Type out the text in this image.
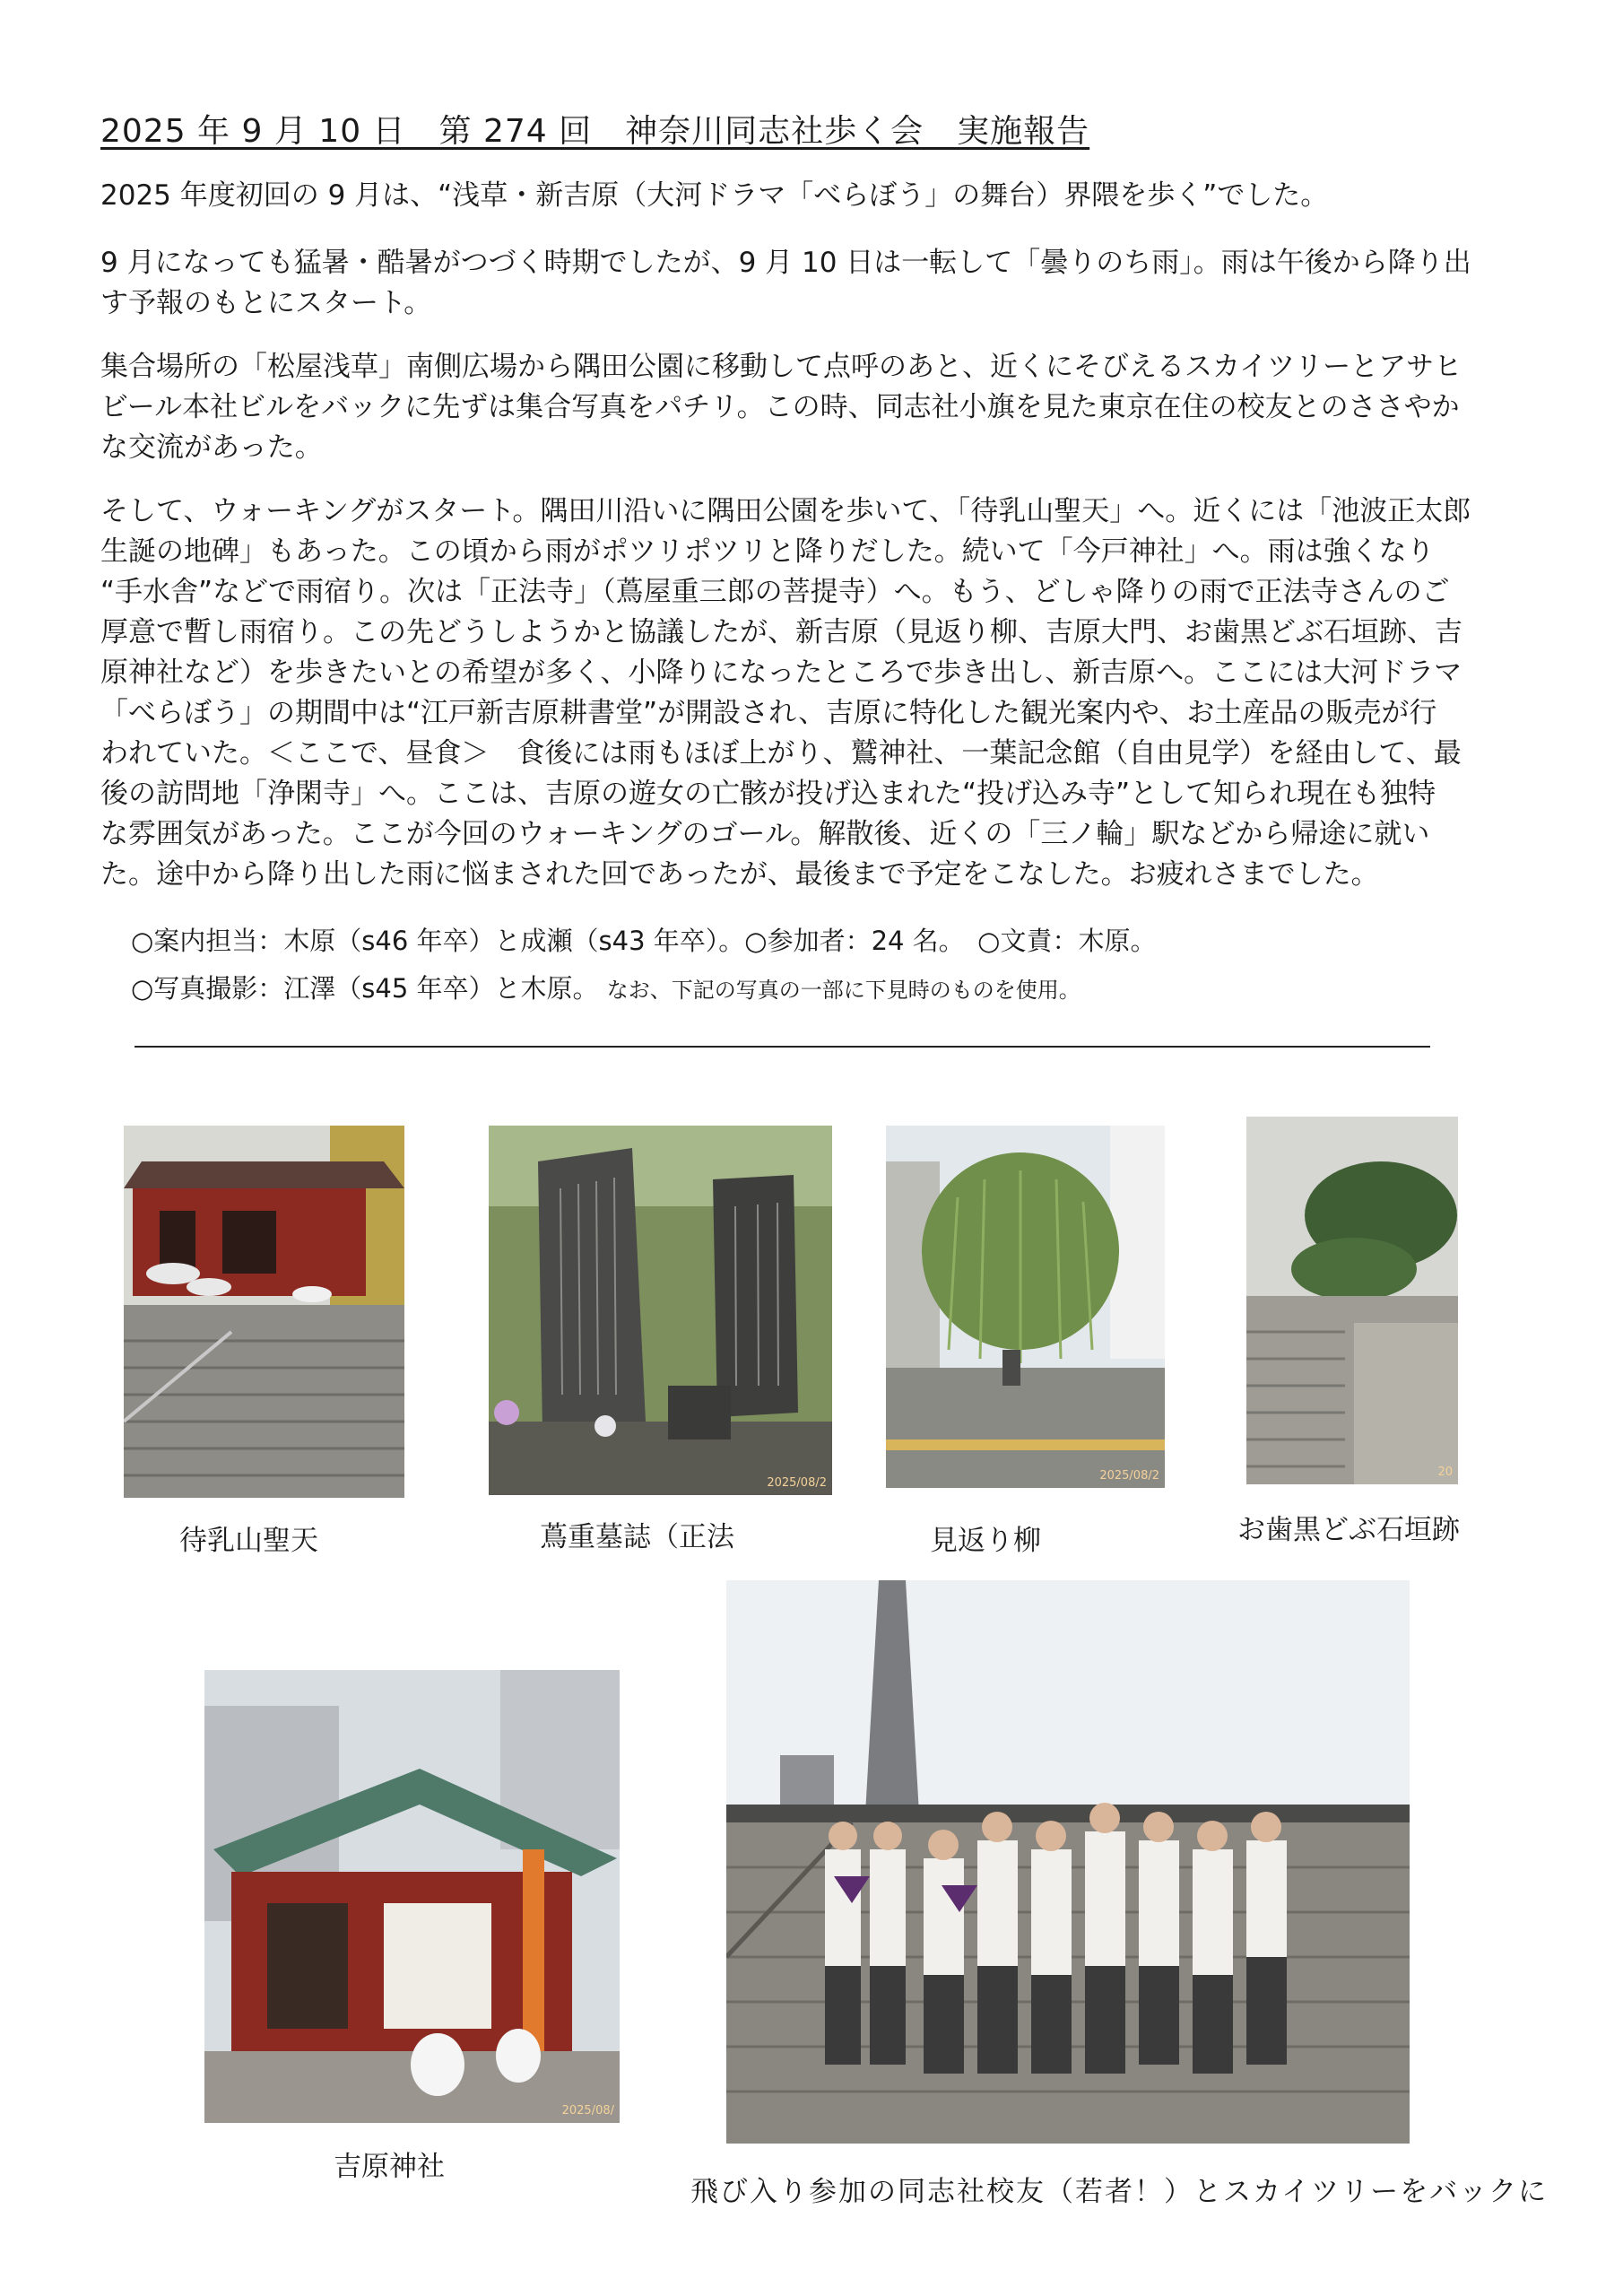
2025 年 9 月 10 日　第 274 回　神奈川同志社歩く会　実施報告
2025 年度初回の 9 月は、“浅草・新吉原（大河ドラマ「べらぼう」の舞台）界隈を歩く”でした。
9 月になっても猛暑・酷暑がつづく時期でしたが、9 月 10 日は一転して「曇りのち雨」。雨は午後から降り出
す予報のもとにスタート。
集合場所の「松屋浅草」南側広場から隅田公園に移動して点呼のあと、近くにそびえるスカイツリーとアサヒ
ビール本社ビルをバックに先ずは集合写真をパチリ。この時、同志社小旗を見た東京在住の校友とのささやか
な交流があった。
そして、ウォーキングがスタート。隅田川沿いに隅田公園を歩いて、「待乳山聖天」へ。近くには「池波正太郎
生誕の地碑」もあった。この頃から雨がポツリポツリと降りだした。続いて「今戸神社」へ。雨は強くなり
“手水舎”などで雨宿り。次は「正法寺」（蔦屋重三郎の菩提寺）へ。もう、どしゃ降りの雨で正法寺さんのご
厚意で暫し雨宿り。この先どうしようかと協議したが、新吉原（見返り柳、吉原大門、お歯黒どぶ石垣跡、吉
原神社など）を歩きたいとの希望が多く、小降りになったところで歩き出し、新吉原へ。ここには大河ドラマ
「べらぼう」の期間中は“江戸新吉原耕書堂”が開設され、吉原に特化した観光案内や、お土産品の販売が行
われていた。＜ここで、昼食＞　食後には雨もほぼ上がり、鷲神社、一葉記念館（自由見学）を経由して、最
後の訪問地「浄閑寺」へ。ここは、吉原の遊女の亡骸が投げ込まれた“投げ込み寺”として知られ現在も独特
な雰囲気があった。ここが今回のウォーキングのゴール。解散後、近くの「三ノ輪」駅などから帰途に就い
た。途中から降り出した雨に悩まされた回であったが、最後まで予定をこなした。お疲れさまでした。
○案内担当：木原（s46 年卒）と成瀬（s43 年卒）。○参加者：24 名。　○文責：木原。
○写真撮影：江澤（s45 年卒）と木原。 なお、下記の写真の一部に下見時のものを使用。
待乳山聖天
2025/08/2
蔦重墓誌（正法
2025/08/2
見返り柳
20
お歯黒どぶ石垣跡
2025/08/
吉原神社
飛び入り参加の同志社校友（若者！）とスカイツリーをバックに
